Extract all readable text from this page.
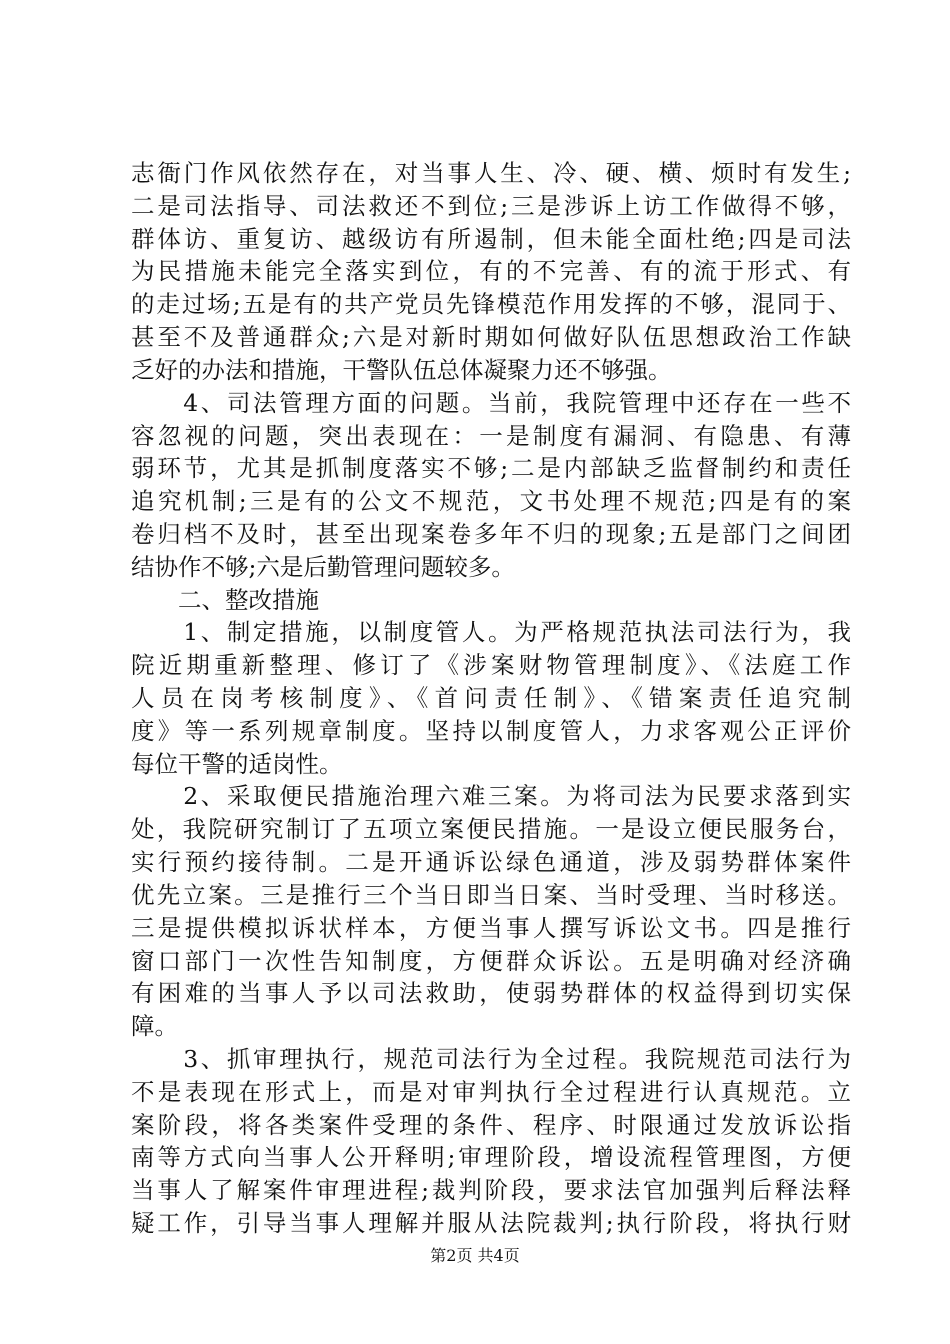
志衙门作风依然存在，对当事人生、冷、硬、横、烦时有发生;
二是司法指导、司法救还不到位;三是涉诉上访工作做得不够，
群体访、重复访、越级访有所遏制，但未能全面杜绝;四是司法
为民措施未能完全落实到位，有的不完善、有的流于形式、有
的走过场;五是有的共产党员先锋模范作用发挥的不够，混同于、
甚至不及普通群众;六是对新时期如何做好队伍思想政治工作缺
乏好的办法和措施，干警队伍总体凝聚力还不够强。
　　4、司法管理方面的问题。当前，我院管理中还存在一些不
容忽视的问题，突出表现在：一是制度有漏洞、有隐患、有薄
弱环节，尤其是抓制度落实不够;二是内部缺乏监督制约和责任
追究机制;三是有的公文不规范，文书处理不规范;四是有的案
卷归档不及时，甚至出现案卷多年不归的现象;五是部门之间团
结协作不够;六是后勤管理问题较多。
　　二、整改措施
　　1、制定措施，以制度管人。为严格规范执法司法行为，我
院近期重新整理、修订了《涉案财物管理制度》、《法庭工作
人员在岗考核制度》、《首问责任制》、《错案责任追究制
度》等一系列规章制度。坚持以制度管人，力求客观公正评价
每位干警的适岗性。
　　2、采取便民措施治理六难三案。为将司法为民要求落到实
处，我院研究制订了五项立案便民措施。一是设立便民服务台，
实行预约接待制。二是开通诉讼绿色通道，涉及弱势群体案件
优先立案。三是推行三个当日即当日案、当时受理、当时移送。
三是提供模拟诉状样本，方便当事人撰写诉讼文书。四是推行
窗口部门一次性告知制度，方便群众诉讼。五是明确对经济确
有困难的当事人予以司法救助，使弱势群体的权益得到切实保
障。
　　3、抓审理执行，规范司法行为全过程。我院规范司法行为
不是表现在形式上，而是对审判执行全过程进行认真规范。立
案阶段，将各类案件受理的条件、程序、时限通过发放诉讼指
南等方式向当事人公开释明;审理阶段，增设流程管理图，方便
当事人了解案件审理进程;裁判阶段，要求法官加强判后释法释
疑工作，引导当事人理解并服从法院裁判;执行阶段，将执行财
第2页 共4页
